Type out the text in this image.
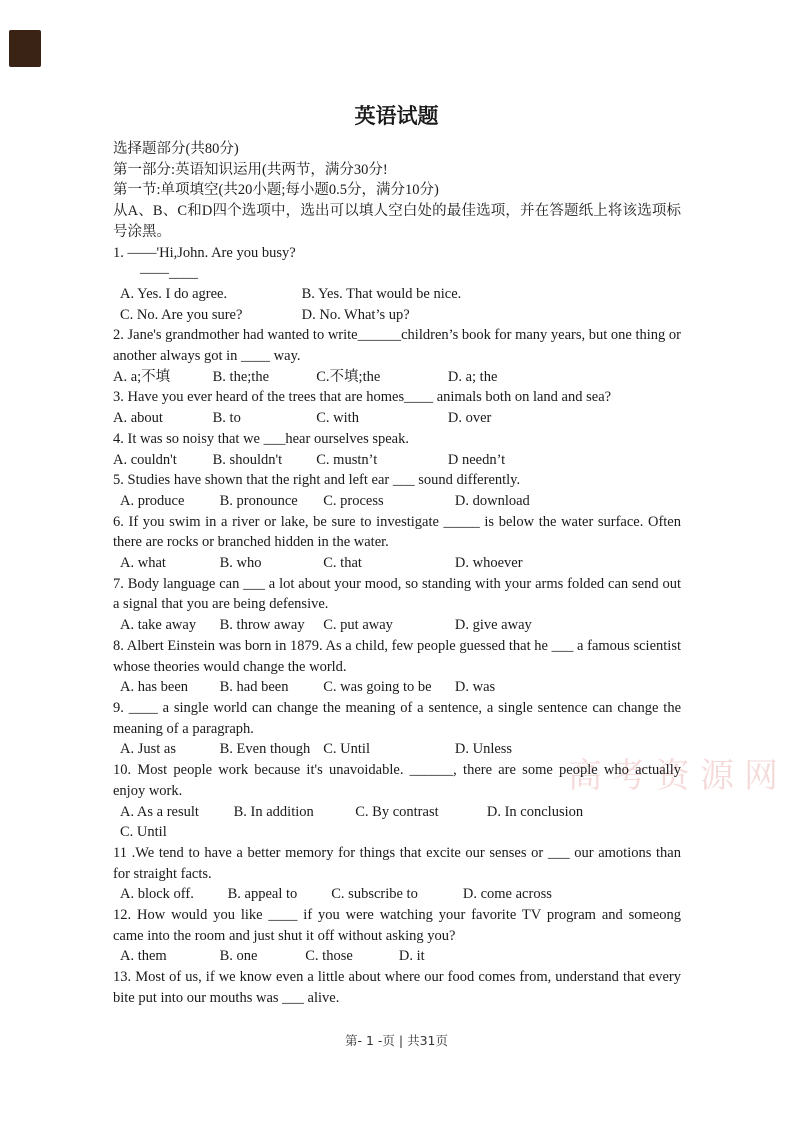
高考资源网
英语试题
选择题部分(共80分)
第一部分:英语知识运用(共两节，满分30分!
第一节:单项填空(共20小题;每小题0.5分，满分10分)
从A、B、C和D四个选项中，选出可以填人空白处的最佳选项，并在答题纸上将该选项标号涂黑。
1. ——'Hi,John. Are you busy?
——____
A. Yes. I do agree.	B. Yes. That would be nice.
C. No. Are you sure?	D. No. What’s up?
2. Jane's grandmother had wanted to write______children’s book for many years, but one thing or another always got in ____ way.
A. a;不填	B. the;the	C.不填;the	D. a; the
3. Have you ever heard of the trees that are homes____ animals both on land and sea?
A. about	B. to	C. with	D. over
4. It was so noisy that we ___hear ourselves speak.
A. couldn't B. shouldn't C. mustn’t	D needn’t
5. Studies have shown that the right and left ear ___ sound differently.
A. produce B. pronounce C. process	D. download
6. If you swim in a river or lake, be sure to investigate _____ is below the water surface. Often there are rocks or branched hidden in the water.
A. what	B. who	C. that	D. whoever
7. Body language can ___ a lot about your mood, so standing with your arms folded can send out a signal that you are being defensive.
A. take away B. throw away C. put away	D. give away
8. Albert Einstein was born in 1879. As a child, few people guessed that he ___ a famous scientist whose theories would change the world.
A. has been B. had been C. was going to be D. was
9. ____ a single world can change the meaning of a sentence, a single sentence can change the meaning of a paragraph.
A. Just as	B. Even though C. Until	D. Unless
10. Most people work because it's unavoidable. ______, there are some people who actually enjoy work.
A. As a result B. In addition	C. By contrast	D. In conclusion
C. Until
11 .We tend to have a better memory for things that excite our senses or ___ our amotions than for straight facts.
A. block off. B. appeal to C. subscribe to	D. come across
12. How would you like ____ if you were watching your favorite TV program and someong came into the room and just shut it off without asking you?
A. them	B. one	C. those	D. it
13. Most of us, if we know even a little about where our food comes from, understand that every bite put into our mouths was ___ alive.
第- 1 -页 | 共31页
